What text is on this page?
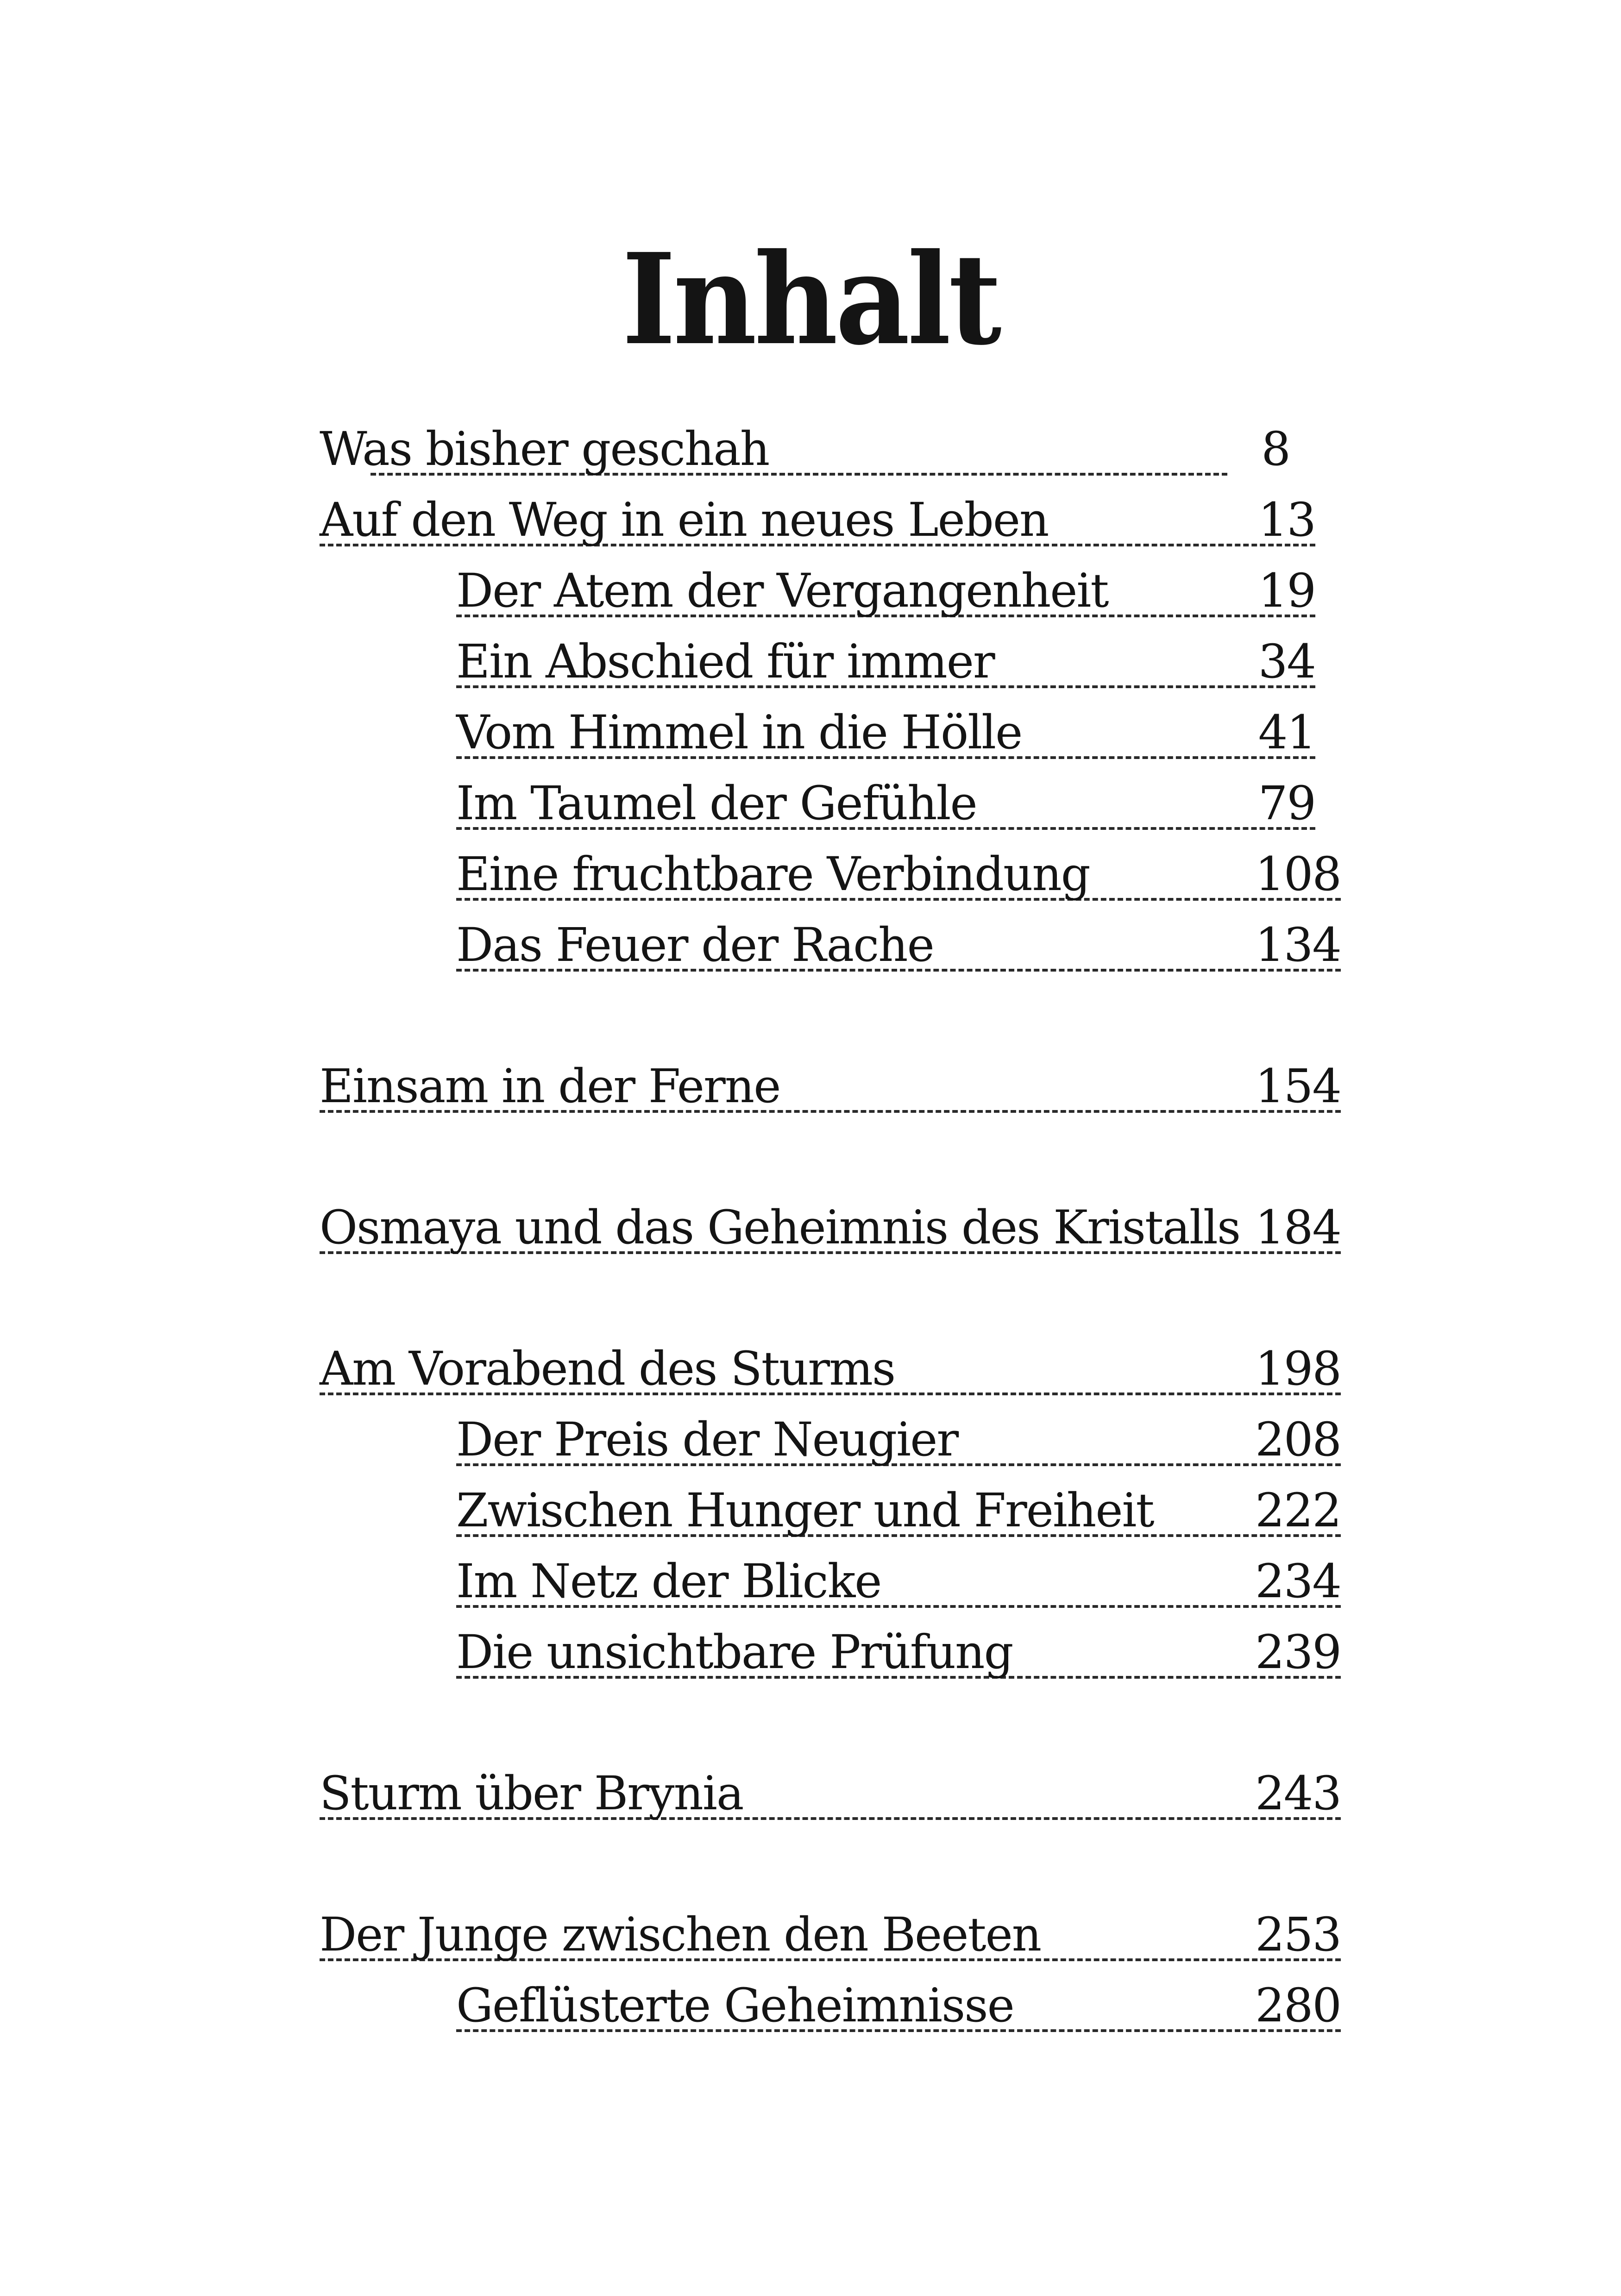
Inhalt
Was bisher geschah	8
Auf den Weg in ein neues Leben	13
Der Atem der Vergangenheit	19
Ein Abschied für immer	34
Vom Himmel in die Hölle	41
Im Taumel der Gefühle	79
Eine fruchtbare Verbindung	108
Das Feuer der Rache	134
Einsam in der Ferne	154
Osmaya und das Geheimnis des Kristalls 184
Am Vorabend des Sturms	198
Der Preis der Neugier	208
Zwischen Hunger und Freiheit 222
Im Netz der Blicke	234
Die unsichtbare Prüfung	239
Sturm über Brynia	243
Der Junge zwischen den Beeten	253
Geflüsterte Geheimnisse	280
